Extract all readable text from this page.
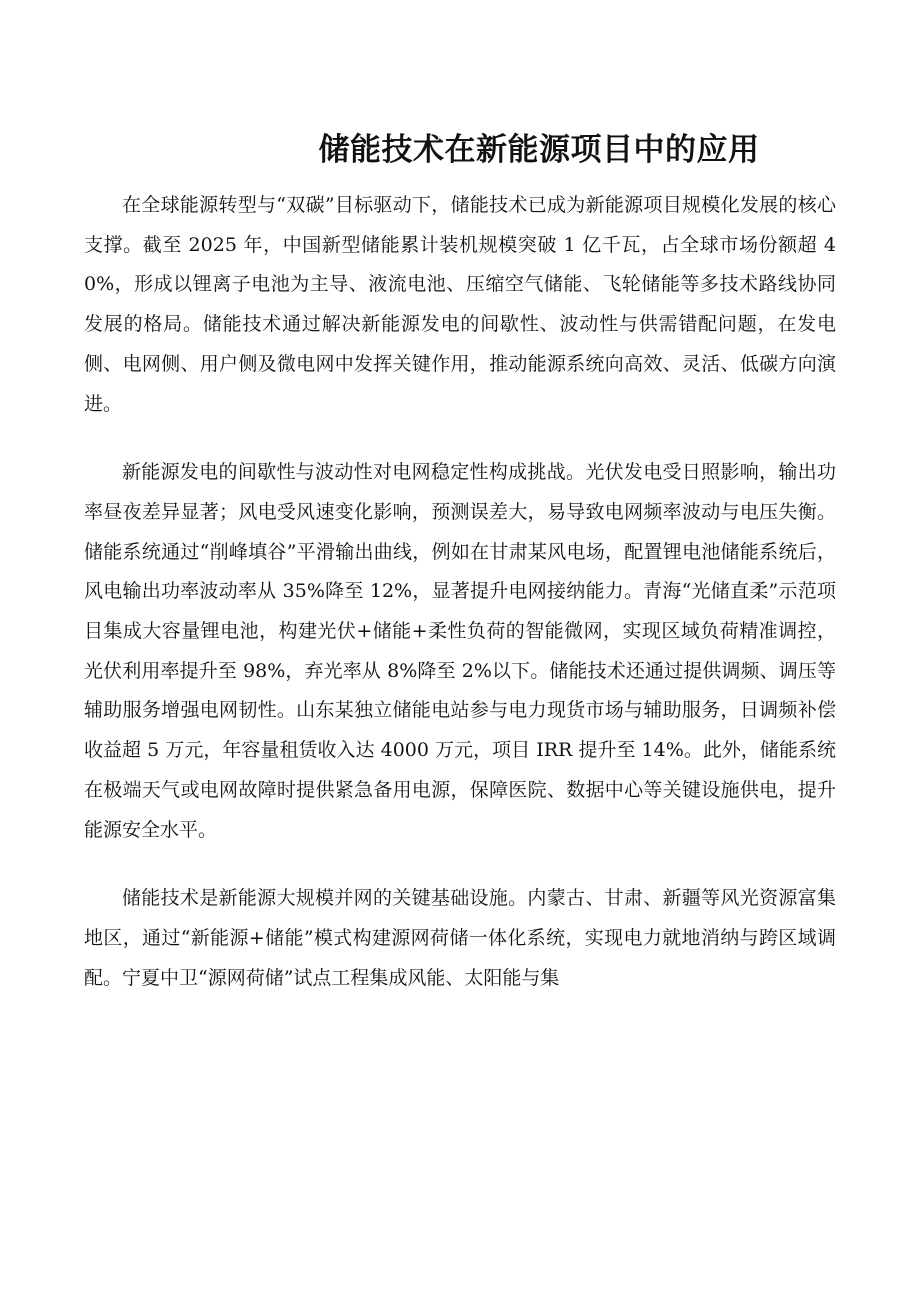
储能技术在新能源项目中的应用

在全球能源转型与“双碳”目标驱动下，储能技术已成为新能源项目规模化发展的核心支撑。截至 2025 年，中国新型储能累计装机规模突破 1 亿千瓦，占全球市场份额超 40%，形成以锂离子电池为主导、液流电池、压缩空气储能、飞轮储能等多技术路线协同发展的格局。储能技术通过解决新能源发电的间歇性、波动性与供需错配问题，在发电侧、电网侧、用户侧及微电网中发挥关键作用，推动能源系统向高效、灵活、低碳方向演进。

新能源发电的间歇性与波动性对电网稳定性构成挑战。光伏发电受日照影响，输出功率昼夜差异显著；风电受风速变化影响，预测误差大，易导致电网频率波动与电压失衡。储能系统通过“削峰填谷”平滑输出曲线，例如在甘肃某风电场，配置锂电池储能系统后，风电输出功率波动率从 35%降至 12%，显著提升电网接纳能力。青海“光储直柔”示范项目集成大容量锂电池，构建光伏+储能+柔性负荷的智能微网，实现区域负荷精准调控，光伏利用率提升至 98%，弃光率从 8%降至 2%以下。储能技术还通过提供调频、调压等辅助服务增强电网韧性。山东某独立储能电站参与电力现货市场与辅助服务，日调频补偿收益超 5 万元，年容量租赁收入达 4000 万元，项目 IRR 提升至 14%。此外，储能系统在极端天气或电网故障时提供紧急备用电源，保障医院、数据中心等关键设施供电，提升能源安全水平。

储能技术是新能源大规模并网的关键基础设施。内蒙古、甘肃、新疆等风光资源富集地区，通过“新能源+储能”模式构建源网荷储一体化系统，实现电力就地消纳与跨区域调配。宁夏中卫“源网荷储”试点工程集成风能、太阳能与集
